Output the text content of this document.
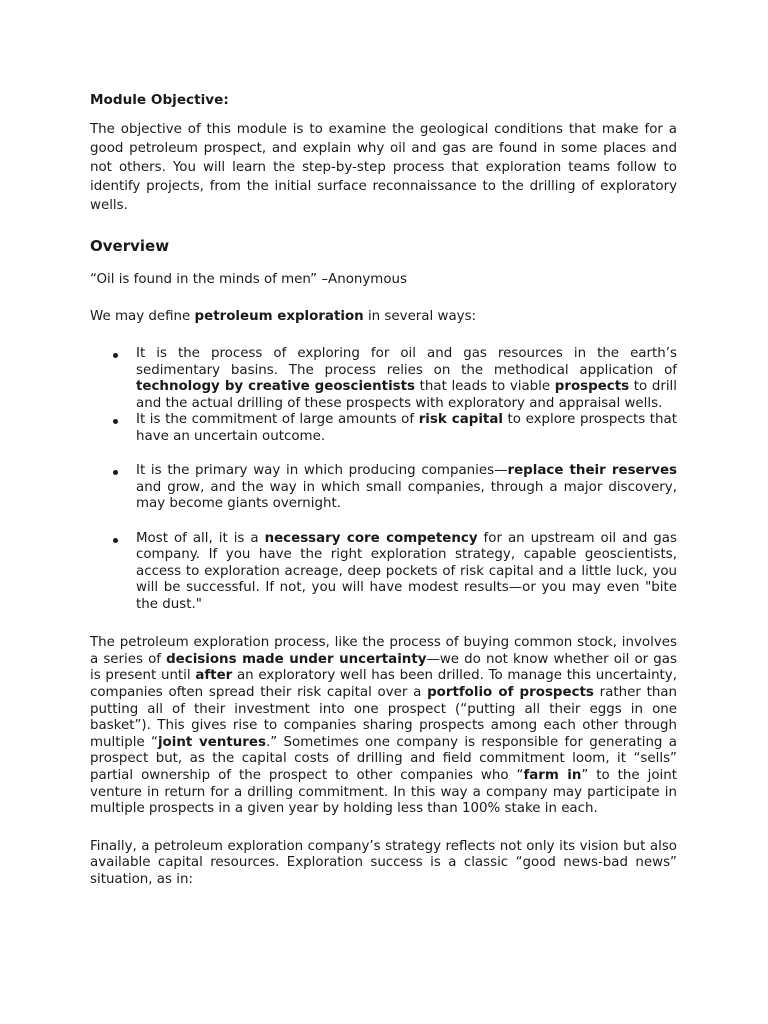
Module Objective:

The objective of this module is to examine the geological conditions that make for a good petroleum prospect, and explain why oil and gas are found in some places and not others. You will learn the step-by-step process that exploration teams follow to identify projects, from the initial surface reconnaissance to the drilling of exploratory wells.

Overview

“Oil is found in the minds of men” –Anonymous

We may define petroleum exploration in several ways:

It is the process of exploring for oil and gas resources in the earth’s sedimentary basins. The process relies on the methodical application of technology by creative geoscientists that leads to viable prospects to drill and the actual drilling of these prospects with exploratory and appraisal wells.
It is the commitment of large amounts of risk capital to explore prospects that have an uncertain outcome.
It is the primary way in which producing companies—replace their reserves and grow, and the way in which small companies, through a major discovery, may become giants overnight.
Most of all, it is a necessary core competency for an upstream oil and gas company. If you have the right exploration strategy, capable geoscientists, access to exploration acreage, deep pockets of risk capital and a little luck, you will be successful. If not, you will have modest results—or you may even "bite the dust."

The petroleum exploration process, like the process of buying common stock, involves a series of decisions made under uncertainty—we do not know whether oil or gas is present until after an exploratory well has been drilled. To manage this uncertainty, companies often spread their risk capital over a portfolio of prospects rather than putting all of their investment into one prospect (“putting all their eggs in one basket”). This gives rise to companies sharing prospects among each other through multiple “joint ventures.” Sometimes one company is responsible for generating a prospect but, as the capital costs of drilling and field commitment loom, it “sells” partial ownership of the prospect to other companies who “farm in” to the joint venture in return for a drilling commitment. In this way a company may participate in multiple prospects in a given year by holding less than 100% stake in each.

Finally, a petroleum exploration company’s strategy reflects not only its vision but also available capital resources. Exploration success is a classic “good news-bad news” situation, as in:
